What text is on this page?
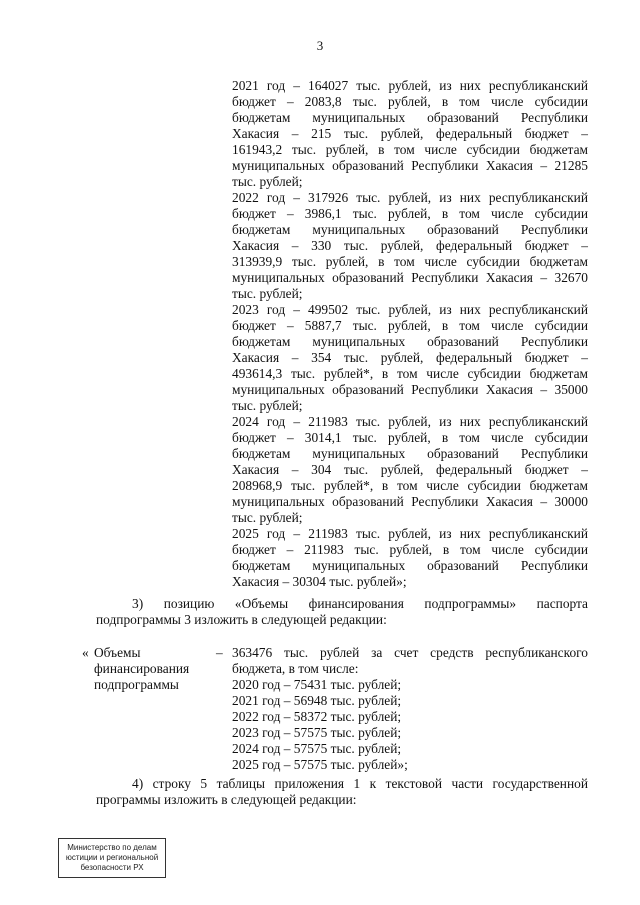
3
2021 год – 164027 тыс. рублей, из них республиканский
бюджет – 2083,8 тыс. рублей, в том числе субсидии
бюджетам муниципальных образований Республики
Хакасия – 215 тыс. рублей, федеральный бюджет –
161943,2 тыс. рублей, в том числе субсидии бюджетам
муниципальных образований Республики Хакасия – 21285
тыс. рублей;
2022 год – 317926 тыс. рублей, из них республиканский
бюджет – 3986,1 тыс. рублей, в том числе субсидии
бюджетам муниципальных образований Республики
Хакасия – 330 тыс. рублей, федеральный бюджет –
313939,9 тыс. рублей, в том числе субсидии бюджетам
муниципальных образований Республики Хакасия – 32670
тыс. рублей;
2023 год – 499502 тыс. рублей, из них республиканский
бюджет – 5887,7 тыс. рублей, в том числе субсидии
бюджетам муниципальных образований Республики
Хакасия – 354 тыс. рублей, федеральный бюджет –
493614,3 тыс. рублей*, в том числе субсидии бюджетам
муниципальных образований Республики Хакасия – 35000
тыс. рублей;
2024 год – 211983 тыс. рублей, из них республиканский
бюджет – 3014,1 тыс. рублей, в том числе субсидии
бюджетам муниципальных образований Республики
Хакасия – 304 тыс. рублей, федеральный бюджет –
208968,9 тыс. рублей*, в том числе субсидии бюджетам
муниципальных образований Республики Хакасия – 30000
тыс. рублей;
2025 год – 211983 тыс. рублей, из них республиканский
бюджет – 211983 тыс. рублей, в том числе субсидии
бюджетам муниципальных образований Республики
Хакасия – 30304 тыс. рублей»;
3) позицию «Объемы финансирования подпрограммы» паспорта
подпрограммы 3 изложить в следующей редакции:
« Объемы
финансирования
подпрограммы
– 363476 тыс. рублей за счет средств республиканского
бюджета, в том числе:
2020 год – 75431 тыс. рублей;
2021 год – 56948 тыс. рублей;
2022 год – 58372 тыс. рублей;
2023 год – 57575 тыс. рублей;
2024 год – 57575 тыс. рублей;
2025 год – 57575 тыс. рублей»;
4) строку 5 таблицы приложения 1 к текстовой части государственной
программы изложить в следующей редакции:
Министерство по делам
юстиции и региональной
безопасности РХ
